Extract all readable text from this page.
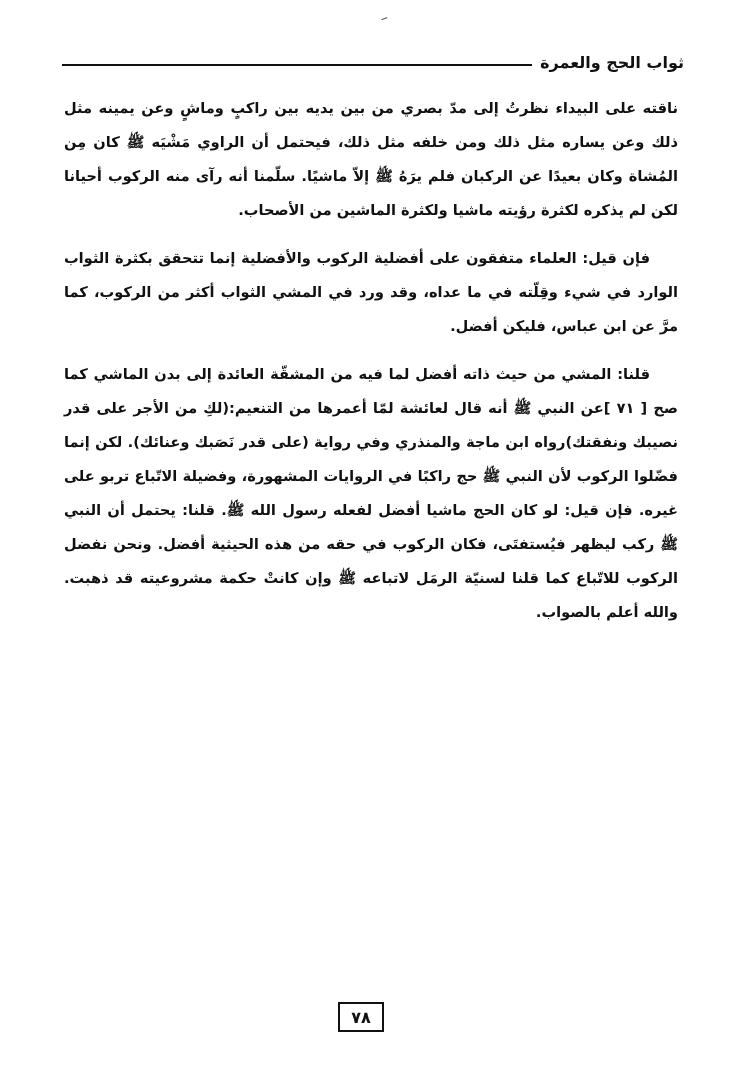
ثواب الحج والعمرة

ناقته على البيداء نظرتُ إلى مدّ بصري من بين يديه بين راكبٍ وماشٍ وعن يمينه مثل ذلك وعن يساره مثل ذلك ومن خلفه مثل ذلك، فيحتمل أن الراوي مَشْيَه ﷺ كان مِن المُشاة وكان بعيدًا عن الركبان فلم يرَهُ ﷺ إلاّ ماشيًا. سلّمنا أنه رآى منه الركوب أحيانا لكن لم يذكره لكثرة رؤيته ماشيا ولكثرة الماشين من الأصحاب.

فإن قيل: العلماء متفقون على أفضلية الركوب والأفضلية إنما تتحقق بكثرة الثواب الوارد في شيء وقِلّته في ما عداه، وقد ورد في المشي الثواب أكثر من الركوب، كما مرَّ عن ابن عباس، فليكن أفضل.

قلنا: المشي من حيث ذاته أفضل لما فيه من المشقّة العائدة إلى بدن الماشي كما صح [ ٧١ ]عن النبي ﷺ أنه قال لعائشة لمّا أعمرها من التنعيم:(لكِ من الأجر على قدر نصيبك ونفقتك)رواه ابن ماجة والمنذري وفي رواية (على قدر نَصَبك وعنائك). لكن إنما فضّلوا الركوب لأن النبي ﷺ حج راكبًا في الروايات المشهورة، وفضيلة الاتّباع تربو على غيره. فإن قيل: لو كان الحج ماشيا أفضل لفعله رسول الله ﷺ. قلنا: يحتمل أن النبي ﷺ ركب ليظهر فيُستفتَى، فكان الركوب في حقه من هذه الحيثية أفضل. ونحن نفضل الركوب للاتّباع كما قلنا لسنيّة الرمَل لاتباعه ﷺ وإن كانتْ حكمة مشروعيته قد ذهبت. والله أعلم بالصواب.

٧٨
